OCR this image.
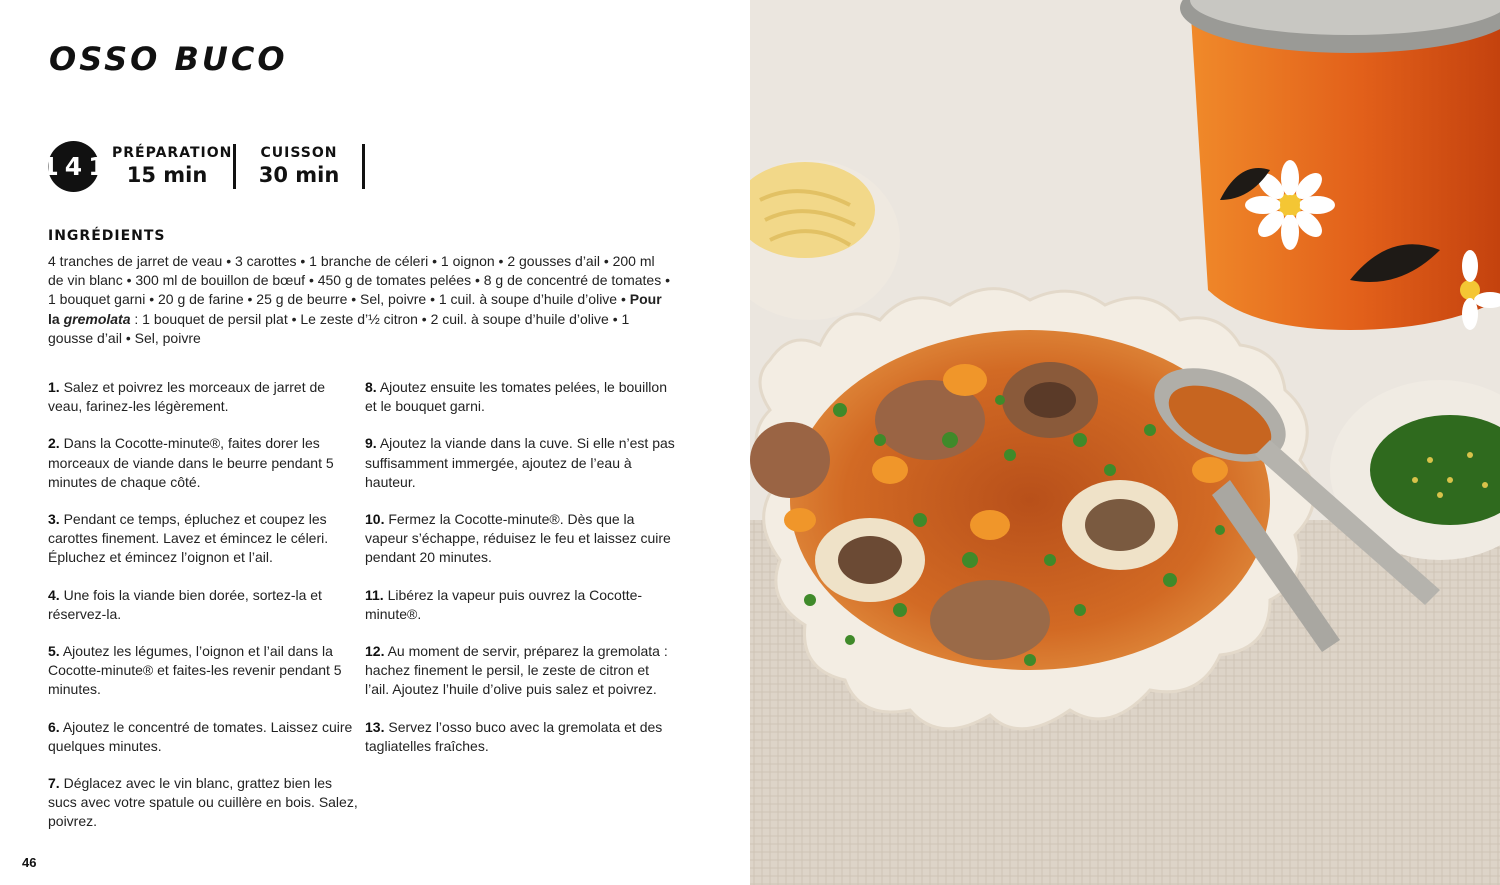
OSSO BUCO
1 4 1 PRÉPARATION
15 min
CUISSON
30 min
INGRÉDIENTS

4 tranches de jarret de veau • 3 carottes • 1 branche de céleri • 1 oignon • 2 gousses d’ail • 200 ml de vin blanc • 300 ml de bouillon de bœuf • 450 g de tomates pelées • 8 g de concentré de tomates • 1 bouquet garni • 20 g de farine • 25 g de beurre • Sel, poivre • 1 cuil. à soupe d’huile d’olive • Pour la gremolata : 1 bouquet de persil plat • Le zeste d’½ citron • 2 cuil. à soupe d’huile d’olive • 1 gousse d’ail • Sel, poivre

1. Salez et poivrez les morceaux de jarret de veau, farinez-les légèrement.

2. Dans la Cocotte-minute®, faites dorer les morceaux de viande dans le beurre pendant 5 minutes de chaque côté.

3. Pendant ce temps, épluchez et coupez les carottes finement. Lavez et émincez le céleri. Épluchez et émincez l’oignon et l’ail.

4. Une fois la viande bien dorée, sortez-la et réservez-la.

5. Ajoutez les légumes, l’oignon et l’ail dans la Cocotte-minute® et faites-les revenir pendant 5 minutes.

6. Ajoutez le concentré de tomates. Laissez cuire quelques minutes.

7. Déglacez avec le vin blanc, grattez bien les sucs avec votre spatule ou cuillère en bois. Salez, poivrez.

8. Ajoutez ensuite les tomates pelées, le bouillon et le bouquet garni.

9. Ajoutez la viande dans la cuve. Si elle n’est pas suffisamment immergée, ajoutez de l’eau à hauteur.

10. Fermez la Cocotte-minute®. Dès que la vapeur s’échappe, réduisez le feu et laissez cuire pendant 20 minutes.

11. Libérez la vapeur puis ouvrez la Cocotte-minute®.

12. Au moment de servir, préparez la gremolata : hachez finement le persil, le zeste de citron et l’ail. Ajoutez l’huile d’olive puis salez et poivrez.

13. Servez l’osso buco avec la gremolata et des tagliatelles fraîches.

46
